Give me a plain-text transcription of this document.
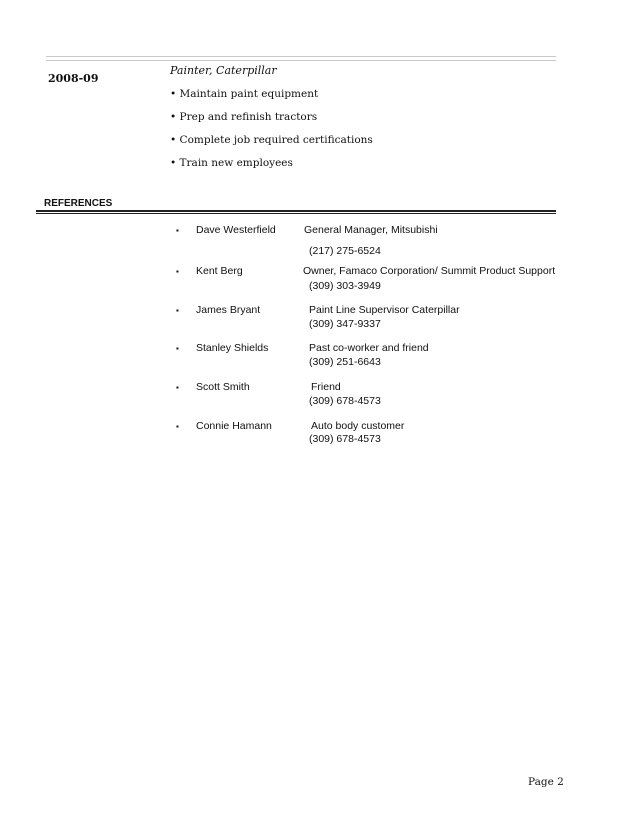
2008-09
Painter, Caterpillar
• Maintain paint equipment
• Prep and refinish tractors
• Complete job required certifications
• Train new employees
REFERENCES
▪ Dave Westerfield	General Manager, Mitsubishi
(217) 275-6524
▪ Kent Berg	Owner, Famaco Corporation/ Summit Product Support
(309) 303-3949
▪ James Bryant	Paint Line Supervisor Caterpillar
(309) 347-9337
▪ Stanley Shields	Past co-worker and friend
(309) 251-6643
▪ Scott Smith	Friend
(309) 678-4573
▪ Connie Hamann	Auto body customer
(309) 678-4573
Page 2
